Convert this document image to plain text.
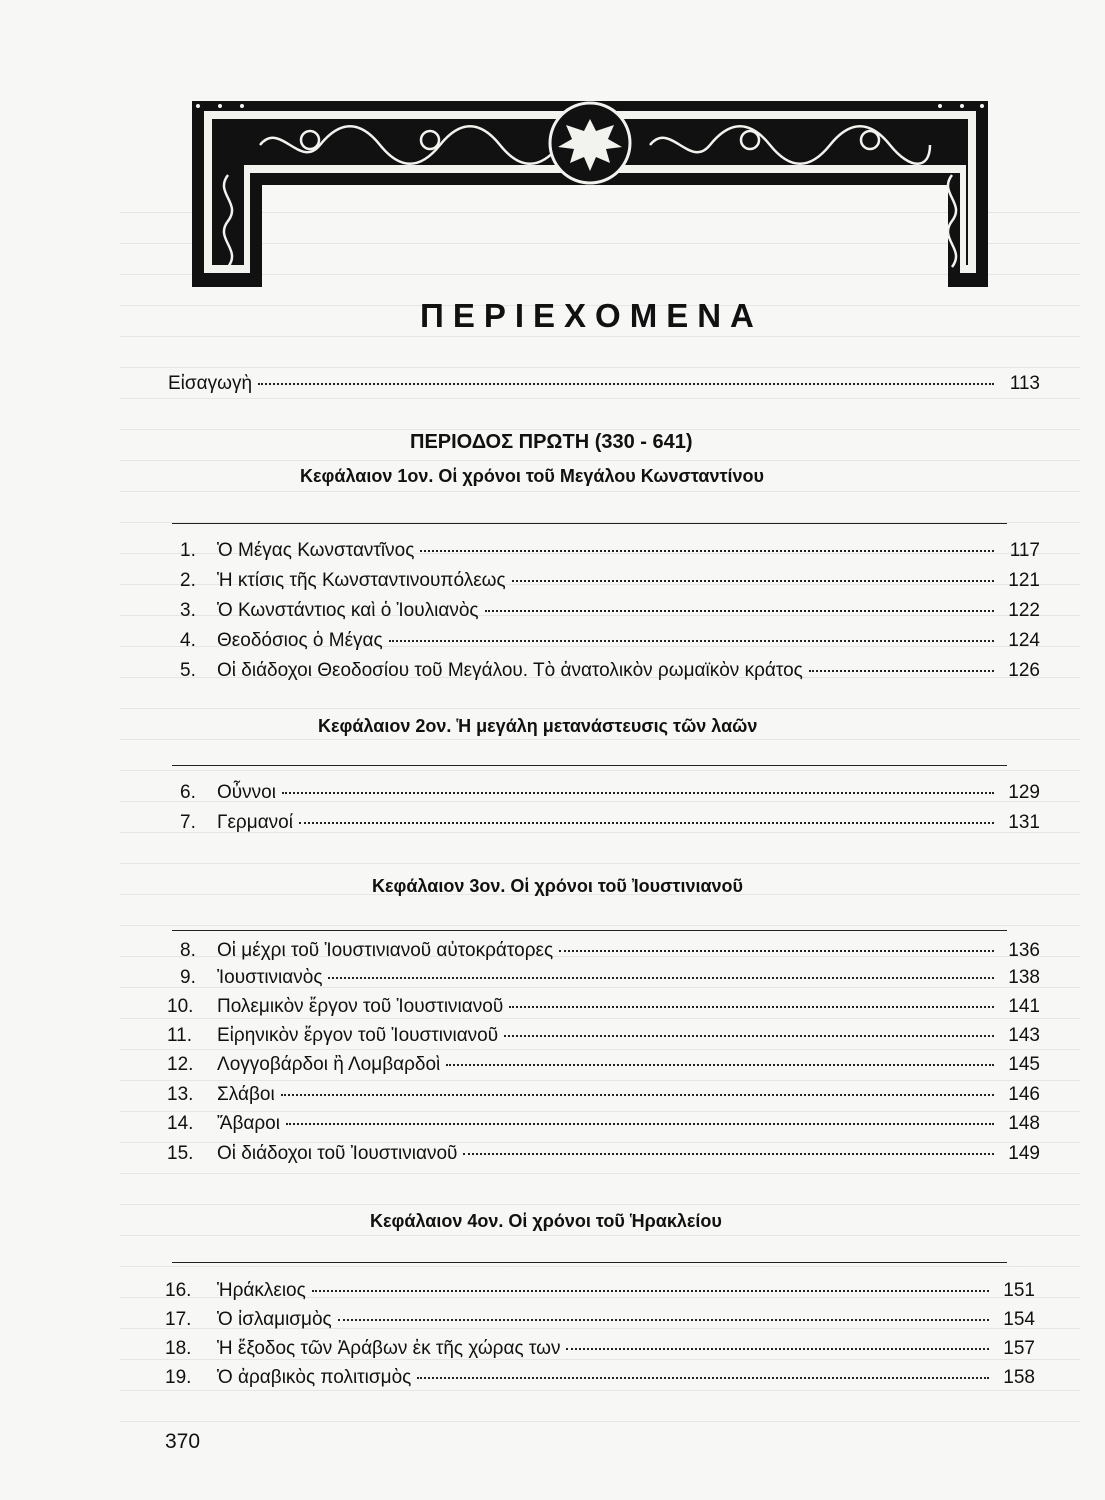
ΠΕΡΙΕΧΟΜΕΝΑ
Εἰσαγωγὴ	113
ΠΕΡΙΟΔΟΣ ΠΡΩΤΗ (330 - 641)
Κεφάλαιον 1ον. Οἱ χρόνοι τοῦ Μεγάλου Κωνσταντίνου
1.	Ὁ Μέγας Κωνσταντῖνος	117
2.	Ἡ κτίσις τῆς Κωνσταντινουπόλεως	121
3.	Ὁ Κωνστάντιος καὶ ὁ Ἰουλιανὸς	122
4.	Θεοδόσιος ὁ Μέγας	124
5.	Οἱ διάδοχοι Θεοδοσίου τοῦ Μεγάλου. Τὸ ἀνατολικὸν ρωμαϊκὸν κράτος	126
Κεφάλαιον 2ον. Ἡ μεγάλη μετανάστευσις τῶν λαῶν
6.	Οὖννοι	129
7.	Γερμανοί	131
Κεφάλαιον 3ον. Οἱ χρόνοι τοῦ Ἰουστινιανοῦ
8.	Οἱ μέχρι τοῦ Ἰουστινιανοῦ αὐτοκράτορες	136
9.	Ἰουστινιανὸς	138
10.	Πολεμικὸν ἔργον τοῦ Ἰουστινιανοῦ	141
11.	Εἰρηνικὸν ἔργον τοῦ Ἰουστινιανοῦ	143
12.	Λογγοβάρδοι ἢ Λομβαρδοὶ	145
13.	Σλάβοι	146
14.	Ἄβαροι	148
15.	Οἱ διάδοχοι τοῦ Ἰουστινιανοῦ	149
Κεφάλαιον 4ον. Οἱ χρόνοι τοῦ Ἡρακλείου
16.	Ἡράκλειος	151
17.	Ὁ ἰσλαμισμὸς	154
18.	Ἡ ἔξοδος τῶν Ἀράβων ἐκ τῆς χώρας των	157
19.	Ὁ ἀραβικὸς πολιτισμὸς	158
370
